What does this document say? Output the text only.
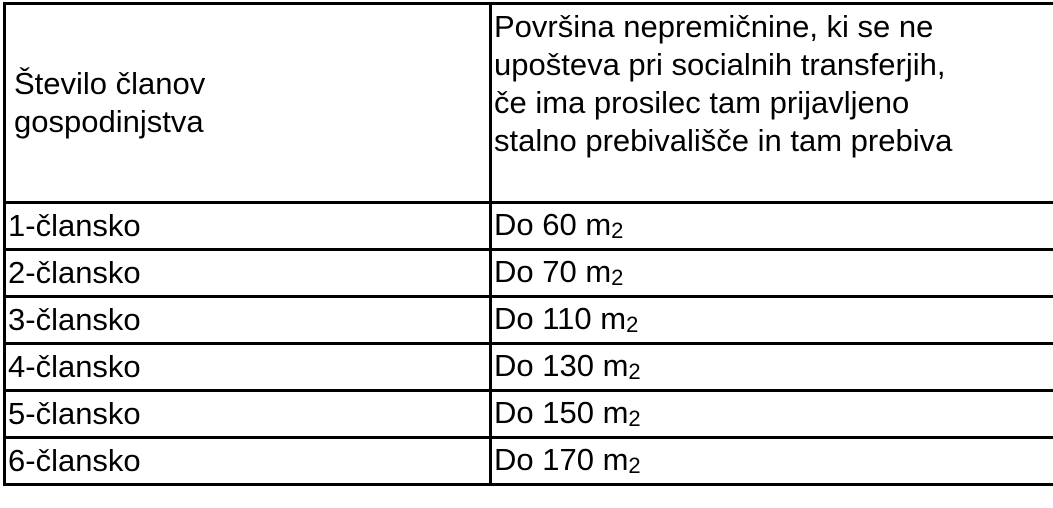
Število članov
gospodinjstva	Površina nepremičnine, ki se ne
upošteva pri socialnih transferjih,
če ima prosilec tam prijavljeno
stalno prebivališče in tam prebiva

1-člansko	Do 60 m2
2-člansko	Do 70 m2
3-člansko	Do 110 m2
4-člansko	Do 130 m2
5-člansko	Do 150 m2
6-člansko	Do 170 m2
